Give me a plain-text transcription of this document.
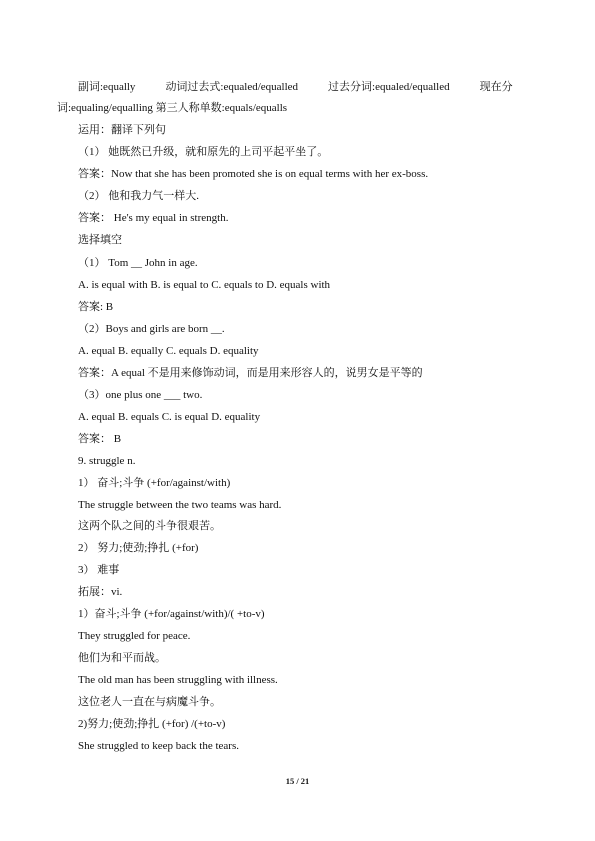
副词:equally	动词过去式:equaled/equalled	过去分词:equaled/equalled	现在分
词:equaling/equalling 第三人称单数:equals/equalls
运用：翻译下列句
（1） 她既然已升级，就和原先的上司平起平坐了。
答案：Now that she has been promoted she is on equal terms with her ex-boss.
（2） 他和我力气一样大.
答案： He's my equal in strength.
选择填空
（1） Tom __ John in age.
A. is equal with B. is equal to C. equals to D. equals with
答案: B
（2）Boys and girls are born __.
A. equal B. equally C. equals D. equality
答案：A equal 不是用来修饰动词，而是用来形容人的，说男女是平等的
（3）one plus one ___ two.
A. equal B. equals C. is equal D. equality
答案： B
9. struggle n.
1） 奋斗;斗争 (+for/against/with)
The struggle between the two teams was hard.
这两个队之间的斗争很艰苦。
2） 努力;使劲;挣扎 (+for)
3） 难事
拓展：vi.
1）奋斗;斗争 (+for/against/with)/( +to-v)
They struggled for peace.
他们为和平而战。
The old man has been struggling with illness.
这位老人一直在与病魔斗争。
2)努力;使劲;挣扎 (+for) /(+to-v)
She struggled to keep back the tears.
15 / 21
